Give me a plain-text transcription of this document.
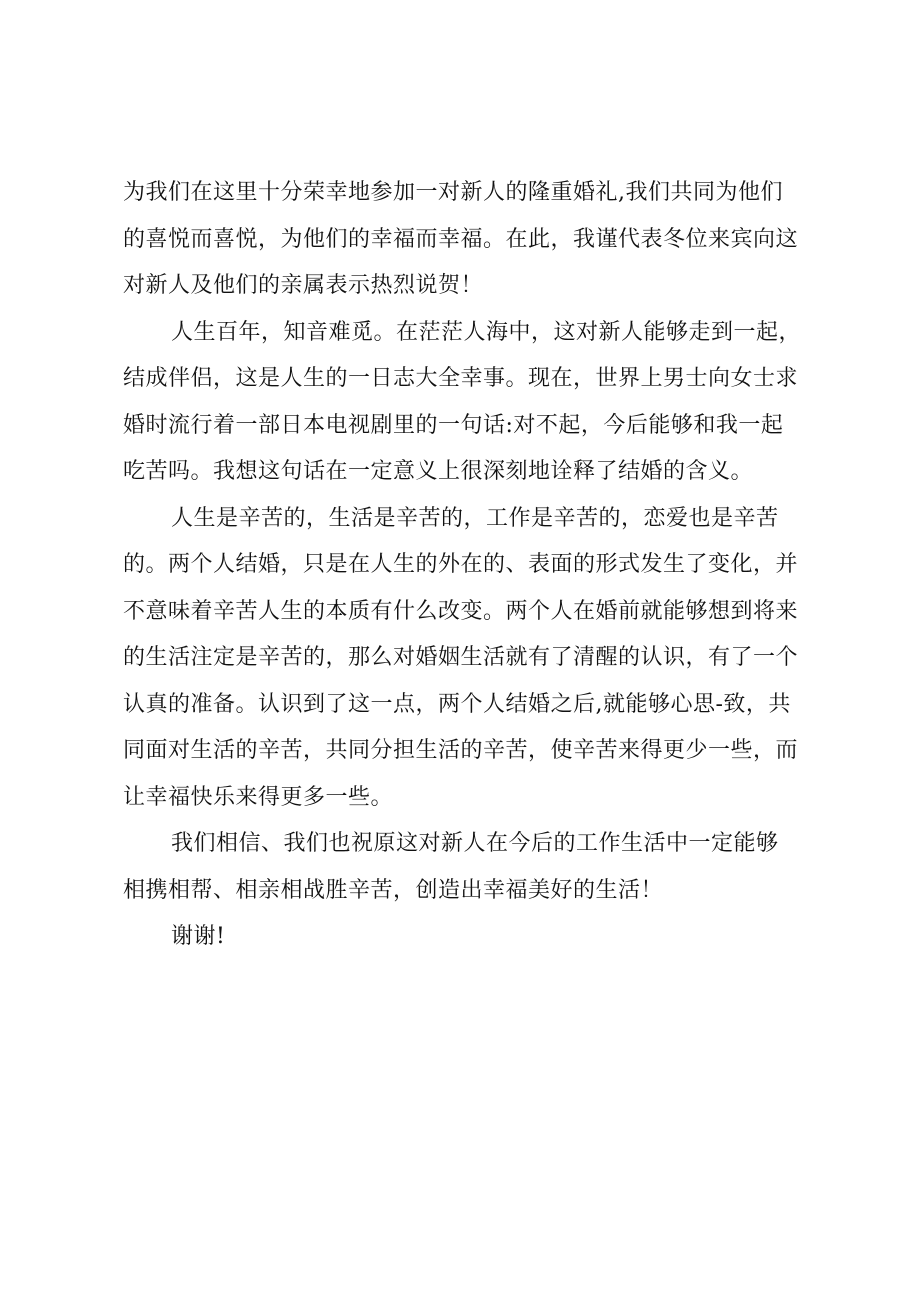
为我们在这里十分荣幸地参加一对新人的隆重婚礼,我们共同为他们
的喜悦而喜悦，为他们的幸福而幸福。在此，我谨代表冬位来宾向这
对新人及他们的亲属表示热烈说贺！
人生百年，知音难觅。在茫茫人海中，这对新人能够走到一起，
结成伴侣，这是人生的一日志大全幸事。现在，世界上男士向女士求
婚时流行着一部日本电视剧里的一句话:对不起，今后能够和我一起
吃苦吗。我想这句话在一定意义上很深刻地诠释了结婚的含义。
人生是辛苦的，生活是辛苦的，工作是辛苦的，恋爱也是辛苦
的。两个人结婚，只是在人生的外在的、表面的形式发生了变化，并
不意味着辛苦人生的本质有什么改变。两个人在婚前就能够想到将来
的生活注定是辛苦的，那么对婚姻生活就有了清醒的认识，有了一个
认真的准备。认识到了这一点，两个人结婚之后,就能够心思-致，共
同面对生活的辛苦，共同分担生活的辛苦，使辛苦来得更少一些，而
让幸福快乐来得更多一些。
我们相信、我们也祝原这对新人在今后的工作生活中一定能够
相携相帮、相亲相战胜辛苦，创造出幸福美好的生活！
谢谢!
